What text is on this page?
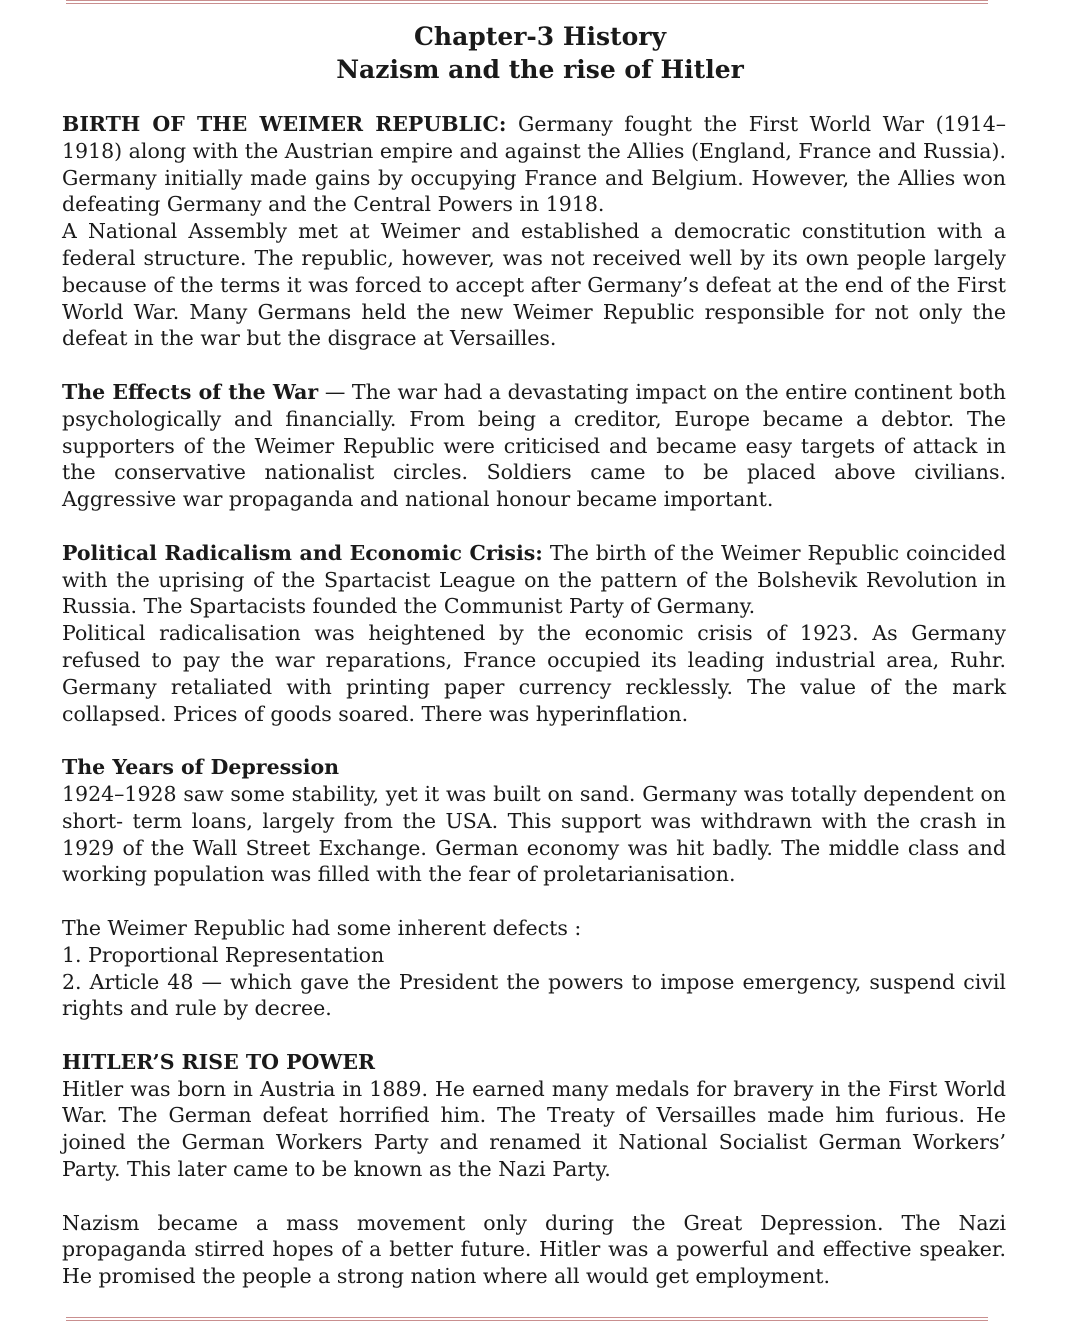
Chapter-3 History
Nazism and the rise of Hitler

BIRTH OF THE WEIMER REPUBLIC: Germany fought the First World War (1914–1918) along with the Austrian empire and against the Allies (England, France and Russia).

Germany initially made gains by occupying France and Belgium. However, the Allies won defeating Germany and the Central Powers in 1918.

A National Assembly met at Weimer and established a democratic constitution with a federal structure. The republic, however, was not received well by its own people largely because of the terms it was forced to accept after Germany’s defeat at the end of the First World War. Many Germans held the new Weimer Republic responsible for not only the defeat in the war but the disgrace at Versailles.

The Effects of the War — The war had a devastating impact on the entire continent both psychologically and financially. From being a creditor, Europe became a debtor. The supporters of the Weimer Republic were criticised and became easy targets of attack in the conservative nationalist circles. Soldiers came to be placed above civilians. Aggressive war propaganda and national honour became important.

Political Radicalism and Economic Crisis: The birth of the Weimer Republic coincided with the uprising of the Spartacist League on the pattern of the Bolshevik Revolution in Russia. The Spartacists founded the Communist Party of Germany.

Political radicalisation was heightened by the economic crisis of 1923. As Germany refused to pay the war reparations, France occupied its leading industrial area, Ruhr. Germany retaliated with printing paper currency recklessly. The value of the mark collapsed. Prices of goods soared. There was hyperinflation.

The Years of Depression

1924–1928 saw some stability, yet it was built on sand. Germany was totally dependent on short- term loans, largely from the USA. This support was withdrawn with the crash in 1929 of the Wall Street Exchange. German economy was hit badly. The middle class and working population was filled with the fear of proletarianisation.

The Weimer Republic had some inherent defects :

1. Proportional Representation

2. Article 48 — which gave the President the powers to impose emergency, suspend civil rights and rule by decree.

HITLER’S RISE TO POWER

Hitler was born in Austria in 1889. He earned many medals for bravery in the First World War. The German defeat horrified him. The Treaty of Versailles made him furious. He joined the German Workers Party and renamed it National Socialist German Workers’ Party. This later came to be known as the Nazi Party.

Nazism became a mass movement only during the Great Depression. The Nazi propaganda stirred hopes of a better future. Hitler was a powerful and effective speaker. He promised the people a strong nation where all would get employment.
